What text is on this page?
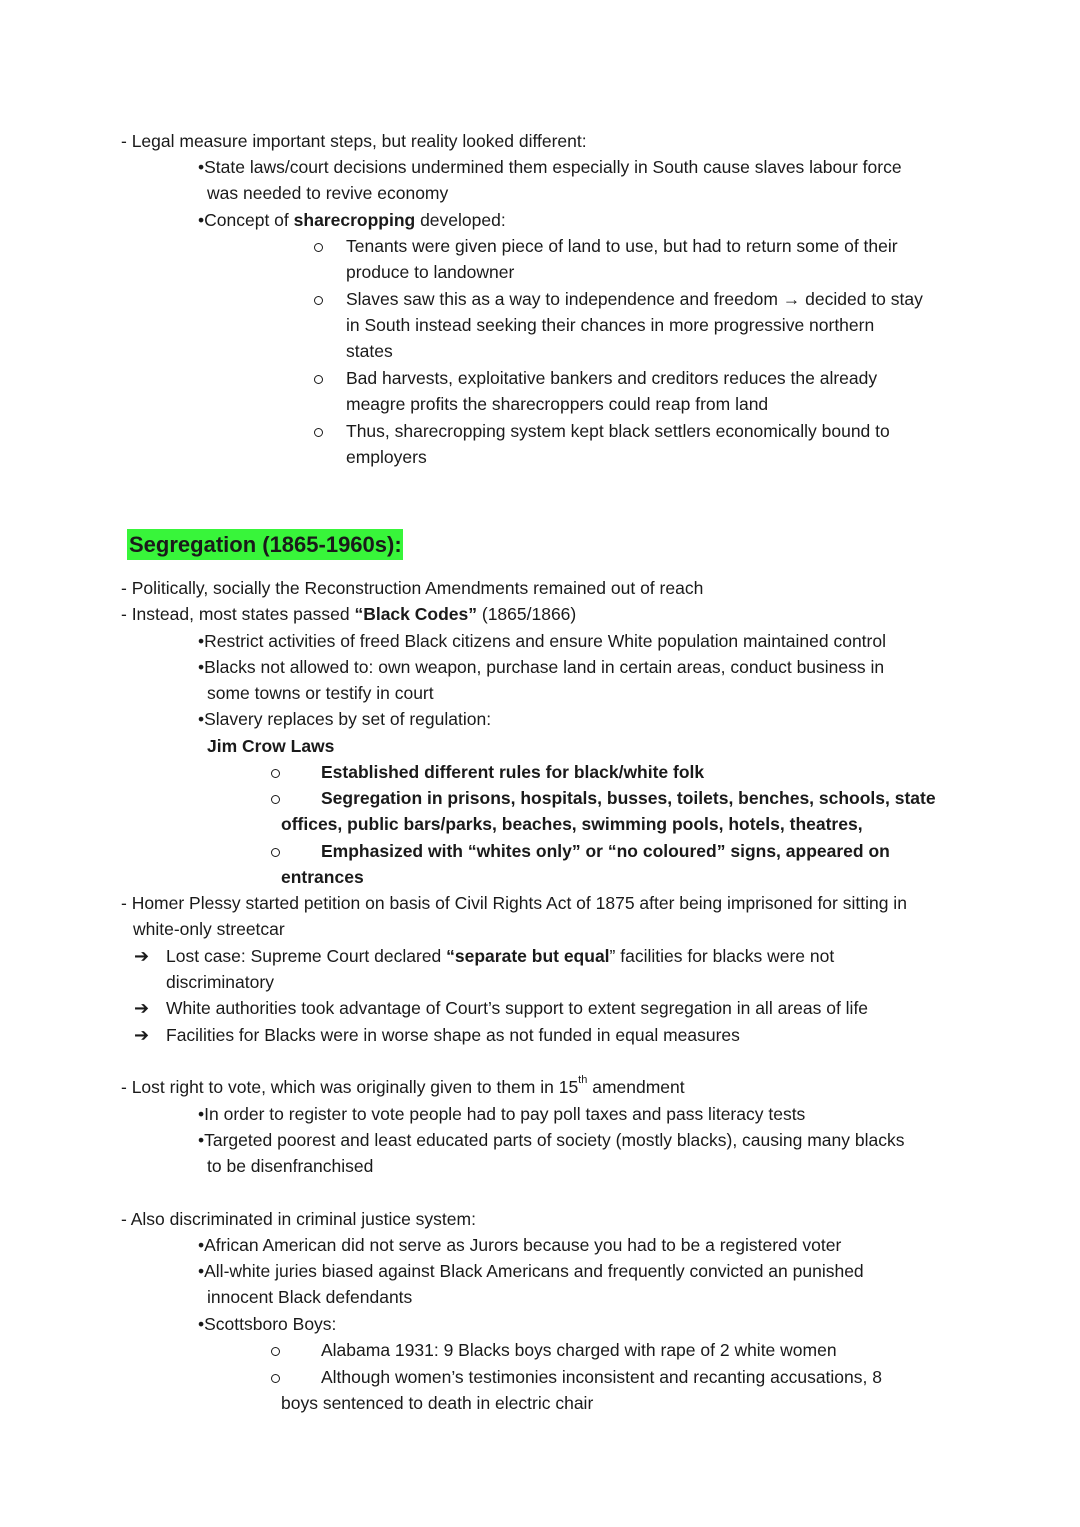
- Legal measure important steps, but reality looked different:
•State laws/court decisions undermined them especially in South cause slaves labour force
was needed to revive economy
•Concept of sharecropping developed:
Tenants were given piece of land to use, but had to return some of their
produce to landowner
Slaves saw this as a way to independence and freedom → decided to stay
in South instead seeking their chances in more progressive northern
states
Bad harvests, exploitative bankers and creditors reduces the already
meagre profits the sharecroppers could reap from land
Thus, sharecropping system kept black settlers economically bound to
employers
Segregation (1865-1960s):
- Politically, socially the Reconstruction Amendments remained out of reach
- Instead, most states passed “Black Codes” (1865/1866)
•Restrict activities of freed Black citizens and ensure White population maintained control
•Blacks not allowed to: own weapon, purchase land in certain areas, conduct business in
some towns or testify in court
•Slavery replaces by set of regulation:
Jim Crow Laws
Established different rules for black/white folk
Segregation in prisons, hospitals, busses, toilets, benches, schools, state
offices, public bars/parks, beaches, swimming pools, hotels, theatres,
Emphasized with “whites only” or “no coloured” signs, appeared on
entrances
- Homer Plessy started petition on basis of Civil Rights Act of 1875 after being imprisoned for sitting in
white-only streetcar
➔ Lost case: Supreme Court declared “separate but equal” facilities for blacks were not
discriminatory
➔ White authorities took advantage of Court’s support to extent segregation in all areas of life
➔ Facilities for Blacks were in worse shape as not funded in equal measures
- Lost right to vote, which was originally given to them in 15th amendment
•In order to register to vote people had to pay poll taxes and pass literacy tests
•Targeted poorest and least educated parts of society (mostly blacks), causing many blacks
to be disenfranchised
- Also discriminated in criminal justice system:
•African American did not serve as Jurors because you had to be a registered voter
•All-white juries biased against Black Americans and frequently convicted an punished
innocent Black defendants
•Scottsboro Boys:
Alabama 1931: 9 Blacks boys charged with rape of 2 white women
Although women’s testimonies inconsistent and recanting accusations, 8
boys sentenced to death in electric chair
